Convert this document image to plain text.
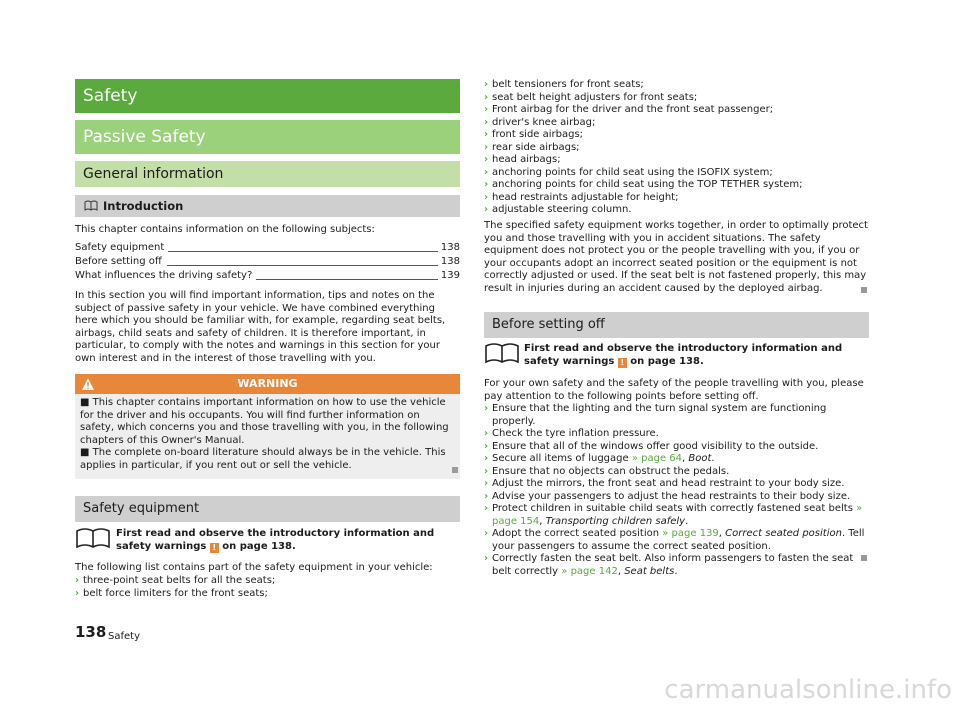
Safety
Passive Safety
General information
Introduction
This chapter contains information on the following subjects:
Safety equipment	138
Before setting off	138
What influences the driving safety?	139
In this section you will find important information, tips and notes on the subject of passive safety in your vehicle. We have combined everything here which you should be familiar with, for example, regarding seat belts, airbags, child seats and safety of children. It is therefore important, in particular, to comply with the notes and warnings in this section for your own interest and in the interest of those travelling with you.
WARNING
■ This chapter contains important information on how to use the vehicle for the driver and his occupants. You will find further information on safety, which concerns you and those travelling with you, in the following chapters of this Owner's Manual.
■ The complete on-board literature should always be in the vehicle. This applies in particular, if you rent out or sell the vehicle.
Safety equipment
First read and observe the introductory information and safety warnings ! on page 138.
The following list contains part of the safety equipment in your vehicle:
› three-point seat belts for all the seats;
› belt force limiters for the front seats;
138 Safety
› belt tensioners for front seats;
› seat belt height adjusters for front seats;
› Front airbag for the driver and the front seat passenger;
› driver's knee airbag;
› front side airbags;
› rear side airbags;
› head airbags;
› anchoring points for child seat using the ISOFIX system;
› anchoring points for child seat using the TOP TETHER system;
› head restraints adjustable for height;
› adjustable steering column.
The specified safety equipment works together, in order to optimally protect you and those travelling with you in accident situations. The safety equipment does not protect you or the people travelling with you, if you or your occupants adopt an incorrect seated position or the equipment is not correctly adjusted or used. If the seat belt is not fastened properly, this may result in injuries during an accident caused by the deployed airbag.
Before setting off
First read and observe the introductory information and safety warnings ! on page 138.
For your own safety and the safety of the people travelling with you, please pay attention to the following points before setting off.
› Ensure that the lighting and the turn signal system are functioning properly.
› Check the tyre inflation pressure.
› Ensure that all of the windows offer good visibility to the outside.
› Secure all items of luggage » page 64, Boot.
› Ensure that no objects can obstruct the pedals.
› Adjust the mirrors, the front seat and head restraint to your body size.
› Advise your passengers to adjust the head restraints to their body size.
› Protect children in suitable child seats with correctly fastened seat belts » page 154, Transporting children safely.
› Adopt the correct seated position » page 139, Correct seated position. Tell your passengers to assume the correct seated position.
› Correctly fasten the seat belt. Also inform passengers to fasten the seat belt correctly » page 142, Seat belts.
carmanualsonline.info
